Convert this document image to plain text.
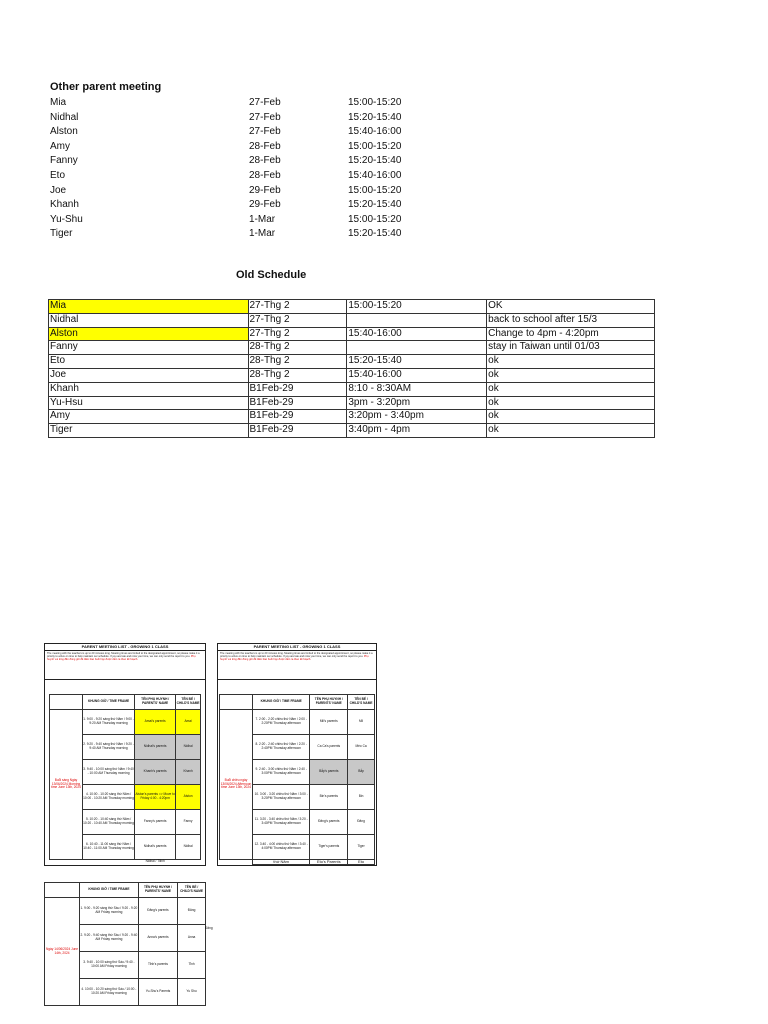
Other parent meeting
Mia	27-Feb	15:00-15:20
Nidhal	27-Feb	15:20-15:40
Alston	27-Feb	15:40-16:00
Amy	28-Feb	15:00-15:20
Fanny	28-Feb	15:20-15:40
Eto	28-Feb	15:40-16:00
Joe	29-Feb	15:00-15:20
Khanh	29-Feb	15:20-15:40
Yu-Shu	1-Mar	15:00-15:20
Tiger	1-Mar	15:20-15:40
Old Schedule
Mia	27-Thg 2	15:00-15:20	OK
Nidhal	27-Thg 2		back to school after 15/3
Alston	27-Thg 2	15:40-16:00	Change to 4pm - 4:20pm
Fanny	28-Thg 2		stay in Taiwan until 01/03
Eto	28-Thg 2	15:20-15:40	ok
Joe	28-Thg 2	15:40-16:00	ok
Khanh	B1Feb-29	8:10 - 8:30AM	ok
Yu-Hsu	B1Feb-29	3pm - 3:20pm	ok
Amy	B1Feb-29	3:20pm - 3:40pm	ok
Tiger	B1Feb-29	3:40pm - 4pm	ok
PARENT MEETING LIST - GROWING 1 CLASS
The meeting with the teachers is up to 20 minutes long. Meeting times are limited to the designated appointment, so please make it a priority to arrive on time to help maintain our schedule. If you are late and miss your time, we can only send the report to you. Phụ huynh vui lòng đến đúng giờ để đảm bảo buổi họp được diễn ra theo kế hoạch.
	KHUNG GIỜ / TIME FRAME	TÊN PHỤ HUYNH / PARENTS' NAME	TÊN BÉ / CHILD'S NAME
Buổi sáng Ngày 13/06/2024 Morning time June 13th, 2024	1. 9:00 - 9:20 sáng thứ Năm / 9:00 - 9:20 AM Thursday morning	Amai's parents	Amai
	2. 9:20 - 9:40 sáng thứ Năm / 9:20 - 9:40 AM Thursday morning	Nidhal's parents	Nidhal
	3. 9:40 - 10:00 sáng thứ Năm / 9:40 - 10:00 AM Thursday morning	Khanh's parents	Khanh
	4. 10:00 - 10:20 sáng thứ Năm / 10:00 - 10:20 AM Thursday morning	Alston's parents => Move to Friday 4:00 - 4:20pm	Alston
	5. 10:20 - 10:40 sáng thứ Năm / 10:20 - 10:40 AM Thursday morning	Fanny's parents	Fanny
	6. 10:40 - 11:00 sáng thứ Năm / 10:40 - 11:00 AM Thursday morning	Nidhal's parents	Nidhal
		Nidhal / Tilinh	
PARENT MEETING LIST - GROWING 1 CLASS
The meeting with the teachers is up to 20 minutes long. Meeting times are limited to the designated appointment, so please make it a priority to arrive on time to help maintain our schedule. If you are late and miss your time, we can only send the report to you. Phụ huynh vui lòng đến đúng giờ để đảm bảo buổi họp được diễn ra theo kế hoạch.
	KHUNG GIỜ / TIME FRAME	TÊN PHỤ HUYNH / PARENTS' NAME	TÊN BÉ / CHILD'S NAME
Buổi chiều ngày 13/06/2024 Afternoon time June 13th, 2024	7. 2:00 - 2:20 chiều thứ Năm / 2:00 - 2:20PM Thursday afternoon	Mil's parents	Mil
	8. 2:20 - 2:40 chiều thứ Năm / 2:20 - 2:40PM Thursday afternoon	Ca Ca's parents	Mèo Ca
	9. 2:40 - 3:00 chiều thứ Năm / 2:40 - 3:00PM Thursday afternoon	Bắp's parents	Bắp
	10. 3:00 - 3:20 chiều thứ Năm / 3:00 - 3:20PM Thursday afternoon	Bin's parents	Bin
	11. 3:20 - 3:40 chiều thứ Năm / 3:20 - 3:40PM Thursday afternoon	Đăng's parents	Đăng
	12. 3:40 - 4:00 chiều thứ Năm / 3:40 - 4:00PM Thursday afternoon	Tiger's parents	Tiger
	thứ Năm	Eto's Parents	Eto
	KHUNG GIỜ / TIME FRAME	TÊN PHỤ HUYNH / PARENTS' NAME	TÊN BÉ / CHILD'S NAME
Ngày 14/06/2024 June 14th, 2024	1. 9:00 - 9:20 sáng thứ Sáu / 9:20 - 9:20 AM Friday morning	Đăng's parents	Đăng
	2. 9:20 - 9:40 sáng thứ Sáu / 9:20 - 9:40 AM Friday morning	Anna's parents	Anna
	3. 9:40 - 10:00 sáng thứ Sáu / 9:40 - 10:00 AM Friday morning	Tỉnh's parents	Tỉnh
	4. 10:00 - 10:20 sáng thứ Sáu / 10:00 - 10:20 AM Friday morning	Yu-Shu's Parents	Yu Shu
Đăng
